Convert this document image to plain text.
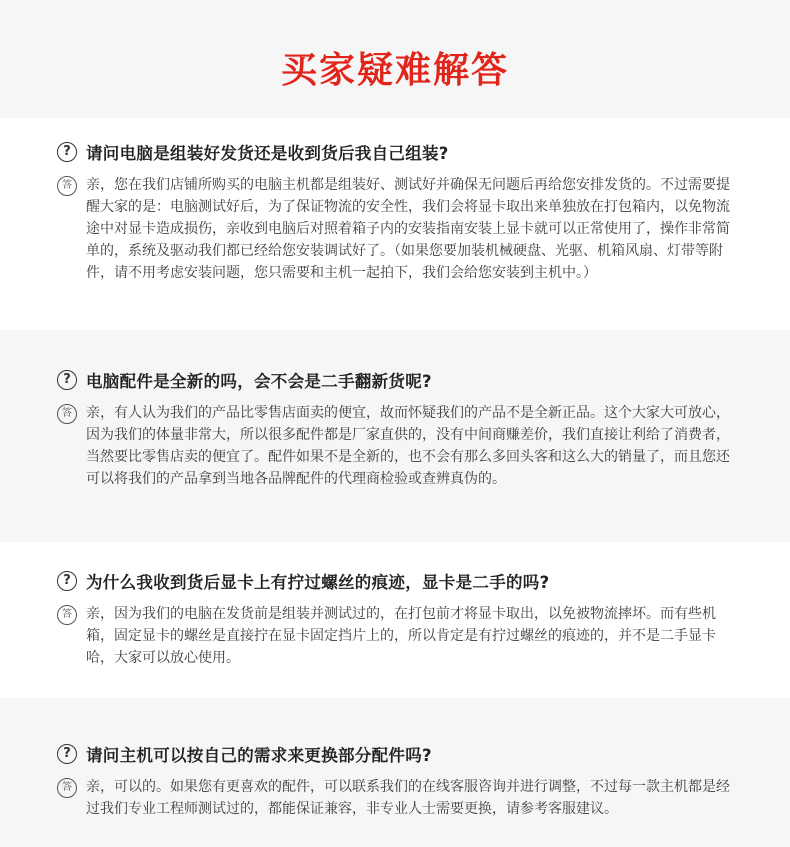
买家疑难解答
? 请问电脑是组装好发货还是收到货后我自己组装?
答	亲，您在我们店铺所购买的电脑主机都是组装好、测试好并确保无问题后再给您安排发货的。不过需要提醒大家的是：电脑测试好后，为了保证物流的安全性，我们会将显卡取出来单独放在打包箱内，以免物流途中对显卡造成损伤，亲收到电脑后对照着箱子内的安装指南安装上显卡就可以正常使用了，操作非常简单的，系统及驱动我们都已经给您安装调试好了。（如果您要加装机械硬盘、光驱、机箱风扇、灯带等附件，请不用考虑安装问题，您只需要和主机一起拍下，我们会给您安装到主机中。）
? 电脑配件是全新的吗，会不会是二手翻新货呢?
答	亲，有人认为我们的产品比零售店面卖的便宜，故而怀疑我们的产品不是全新正品。这个大家大可放心，因为我们的体量非常大，所以很多配件都是厂家直供的，没有中间商赚差价，我们直接让利给了消费者，当然要比零售店卖的便宜了。配件如果不是全新的，也不会有那么多回头客和这么大的销量了，而且您还可以将我们的产品拿到当地各品牌配件的代理商检验或查辨真伪的。
? 为什么我收到货后显卡上有拧过螺丝的痕迹，显卡是二手的吗?
答	亲，因为我们的电脑在发货前是组装并测试过的，在打包前才将显卡取出，以免被物流摔坏。而有些机箱，固定显卡的螺丝是直接拧在显卡固定挡片上的，所以肯定是有拧过螺丝的痕迹的，并不是二手显卡哈，大家可以放心使用。
? 请问主机可以按自己的需求来更换部分配件吗?
答	亲，可以的。如果您有更喜欢的配件，可以联系我们的在线客服咨询并进行调整，不过每一款主机都是经过我们专业工程师测试过的，都能保证兼容，非专业人士需要更换，请参考客服建议。
